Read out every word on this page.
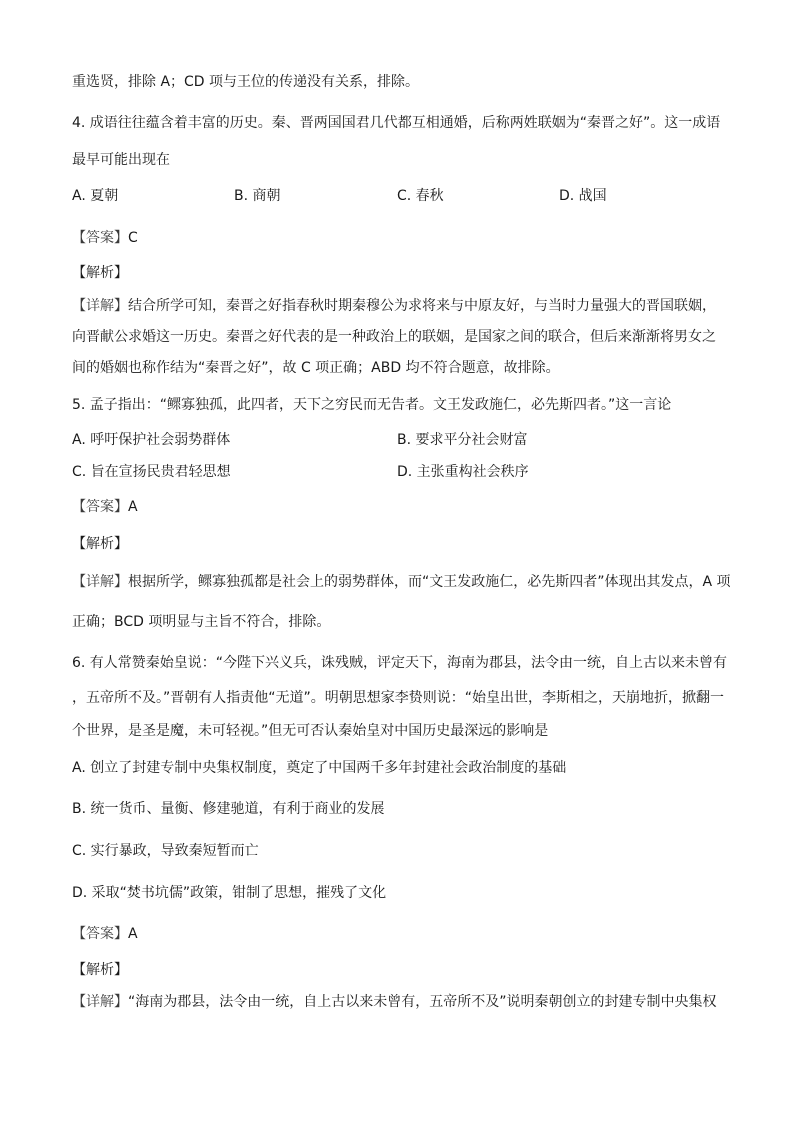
重选贤，排除 A；CD 项与王位的传递没有关系，排除。
4. 成语往往蕴含着丰富的历史。秦、晋两国国君几代都互相通婚，后称两姓联姻为“秦晋之好”。这一成语
最早可能出现在
A. 夏朝	B. 商朝	C. 春秋	D. 战国
【答案】C
【解析】
【详解】结合所学可知，秦晋之好指春秋时期秦穆公为求将来与中原友好，与当时力量强大的晋国联姻，
向晋献公求婚这一历史。秦晋之好代表的是一种政治上的联姻，是国家之间的联合，但后来渐渐将男女之
间的婚姻也称作结为“秦晋之好”，故 C 项正确；ABD 均不符合题意，故排除。
5. 孟子指出：“鳏寡独孤，此四者，天下之穷民而无告者。文王发政施仁，必先斯四者。”这一言论
A. 呼吁保护社会弱势群体	B. 要求平分社会财富
C. 旨在宣扬民贵君轻思想	D. 主张重构社会秩序
【答案】A
【解析】
【详解】根据所学，鳏寡独孤都是社会上的弱势群体，而“文王发政施仁，必先斯四者”体现出其发点，A 项
正确；BCD 项明显与主旨不符合，排除。
6. 有人常赞秦始皇说：“今陛下兴义兵，诛残贼，评定天下，海南为郡县，法令由一统，自上古以来未曾有
，五帝所不及。”晋朝有人指责他“无道”。明朝思想家李贽则说：“始皇出世，李斯相之，天崩地折，掀翻一
个世界，是圣是魔，未可轻视。”但无可否认秦始皇对中国历史最深远的影响是
A. 创立了封建专制中央集权制度，奠定了中国两千多年封建社会政治制度的基础
B. 统一货币、量衡、修建驰道，有利于商业的发展
C. 实行暴政，导致秦短暂而亡
D. 采取“焚书坑儒”政策，钳制了思想，摧残了文化
【答案】A
【解析】
【详解】“海南为郡县，法令由一统，自上古以来未曾有，五帝所不及”说明秦朝创立的封建专制中央集权
